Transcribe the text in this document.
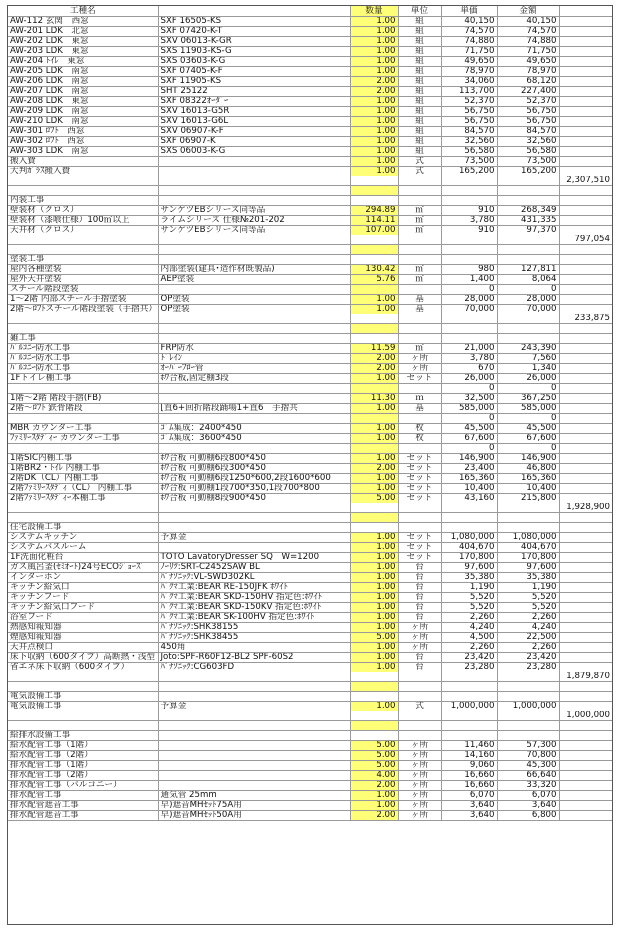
工種名		数量	単位	単価	金額	
AW-112 玄関　西窓	SXF 16505-KS	1.00	組	40,150	40,150	
AW-201 LDK　北窓	SXF 07420-K-T	1.00	組	74,570	74,570	
AW-202 LDK　東窓	SXV 06013-K-GR	1.00	組	74,880	74,880	
AW-203 LDK　東窓	SXS 11903-KS-G	1.00	組	71,750	71,750	
AW-204 ﾄｲﾚ　東窓	SXS 03603-K-G	1.00	組	49,650	49,650	
AW-205 LDK　南窓	SXF 07405-K-F	1.00	組	78,970	78,970	
AW-206 LDK　南窓	SXF 11905-KS	2.00	組	34,060	68,120	
AW-207 LDK　南窓	SHT 25122	2.00	組	113,700	227,400	
AW-208 LDK　東窓	SXF 08322ｵｰﾀﾞｰ	1.00	組	52,370	52,370	
AW-209 LDK　南窓	SXV 16013-G5R	1.00	組	56,750	56,750	
AW-210 LDK　南窓	SXV 16013-G6L	1.00	組	56,750	56,750	
AW-301 ﾛﾌﾄ　西窓	SXV 06907-K-F	1.00	組	84,570	84,570	
AW-302 ﾛﾌﾄ　西窓	SXF 06907-K	1.00	組	32,560	32,560	
AW-303 LDK　南窓	SXS 06003-K-G	1.00	組	56,580	56,580	
搬入費		1.00	式	73,500	73,500	
大判ｶﾞﾗｽ搬入費		1.00	式	165,200	165,200	
						2,307,510

内装工事						
壁装材（クロス）	サンゲツEBシリーズ同等品	294.89	㎡	910	268,349	
壁装材（漆喰仕様）100㎡以上	ライムシリーズ 仕様№201-202	114.11	㎡	3,780	431,335	
天井材（クロス）	サンゲツEBシリーズ同等品	107.00	㎡	910	97,370	
						797,054

塗装工事						
屋内各種塗装	内部塗装(建具･造作材既製品)	130.42	㎡	980	127,811	
屋外天井塗装	AEP塗装	5.76	㎡	1,400	8,064	
スチール階段塗装				0	0	
1～2階 内部スチール手摺塗装	OP塗装	1.00	基	28,000	28,000	
2階～ﾛﾌﾄスチール階段塗装（手摺共）	OP塗装	1.00	基	70,000	70,000	
						233,875

雑工事						
ﾊﾞﾙｺﾆｰ防水工事	FRP防水	11.59	㎡	21,000	243,390	
ﾊﾞﾙｺﾆｰ防水工事	ﾄﾞﾚｲﾝ	2.00	ヶ所	3,780	7,560	
ﾊﾞﾙｺﾆｰ防水工事	ｵｰﾊﾞｰﾌﾛｰ管	2.00	ヶ所	670	1,340	
1Fトイレ棚工事	ﾎﾜ合板,固定棚3段	1.00	セット	26,000	26,000	
				0	0	
1階～2階 階段手摺(FB)		11.30	ｍ	32,500	367,250	
2階～ﾛﾌﾄ 鉄骨階段	[直6+回折階段踊場1+直6　手摺共	1.00	基	585,000	585,000	
				0	0	
MBR カウンター工事	ｺﾞﾑ集成：2400*450	1.00	枚	45,500	45,500	
ﾌｧﾐﾘｰｽﾀﾃﾞｨｰ カウンター工事	ｺﾞﾑ集成：3600*450	1.00	枚	67,600	67,600	
				0	0	
1階SIC内棚工事	ﾎﾜ合板 可動棚6段800*450	1.00	セット	146,900	146,900	
1階BR2・ﾄｲﾚ 内棚工事	ﾎﾜ合板 可動棚6段300*450	2.00	セット	23,400	46,800	
2階DK（CL）内棚工事	ﾎﾜ合板 可動棚6段1250*600,2段1600*600	1.00	セット	165,360	165,360	
2階ﾌｧﾐﾘｰｽﾀﾃﾞｨ（CL） 内棚工事	ﾎﾜ合板 可動棚1段700*350,1段700*800	1.00	セット	10,400	10,400	
2階ﾌｧﾐﾘｰｽﾀﾃﾞｨｰ本棚工事	ﾎﾜ合板 可動棚8段900*450	5.00	セット	43,160	215,800	
						1,928,900

住宅設備工事						
システムキッチン	予算金	1.00	セット	1,080,000	1,080,000	
システムバスルーム		1.00	セット	404,670	404,670	
1F洗面化粧台	TOTO LavatoryDresser SQ　W=1200	1.00	セット	170,800	170,800	
ガス風呂釜(ｾﾐｵｰﾄ)24号ECOｼﾞｮｰｽﾞ	ﾉｰﾘﾂ:SRT-C2452SAW BL	1.00	台	97,600	97,600	
インターホン	ﾊﾟﾅｿﾆｯｸ:VL-SWD302KL	1.00	台	35,380	35,380	
キッチン給気口	ﾊﾞｸﾏ工業:BEAR RE-150JFK ﾎﾜｲﾄ	1.00	台	1,190	1,190	
キッチンフード	ﾊﾞｸﾏ工業:BEAR SKD-150HV 指定色:ﾎﾜｲﾄ	1.00	台	5,520	5,520	
キッチン給気口フード	ﾊﾞｸﾏ工業:BEAR SKD-150KV 指定色:ﾎﾜｲﾄ	1.00	台	5,520	5,520	
浴室フード	ﾊﾞｸﾏ工業:BEAR SK-100HV 指定色:ﾎﾜｲﾄ	1.00	台	2,260	2,260	
熱感知報知器	ﾊﾟﾅｿﾆｯｸ:SHK38155	1.00	ヶ所	4,240	4,240	
煙感知報知器	ﾊﾟﾅｿﾆｯｸ:SHK38455	5.00	ヶ所	4,500	22,500	
天井点検口	450角	1.00	ヶ所	2,260	2,260	
床下収納（600タイプ）高断熱・浅型	Joto:SPF-R60F12-BL2 SPF-60S2	1.00	台	23,420	23,420	
省エネ床下収納（600タイプ）	ﾊﾟﾅｿﾆｯｸ:CG603FD	1.00	台	23,280	23,280	
						1,879,870

電気設備工事						
電気設備工事	予算金	1.00	式	1,000,000	1,000,000	
						1,000,000

給排水設備工事						
給水配管工事（1階）		5.00	ヶ所	11,460	57,300	
給水配管工事（2階）		5.00	ヶ所	14,160	70,800	
排水配管工事（1階）		5.00	ヶ所	9,060	45,300	
排水配管工事（2階）		4.00	ヶ所	16,660	66,640	
排水配管工事（バルコニー）		2.00	ヶ所	16,660	33,320	
排水配管工事	通気管 25mm	1.00	ヶ所	6,070	6,070	
排水配管遮音工事	早)遮音MHｾｯﾄ75A用	1.00	ヶ所	3,640	3,640	
排水配管遮音工事	早)遮音MHｾｯﾄ50A用	2.00	ヶ所	3,640	6,800	
